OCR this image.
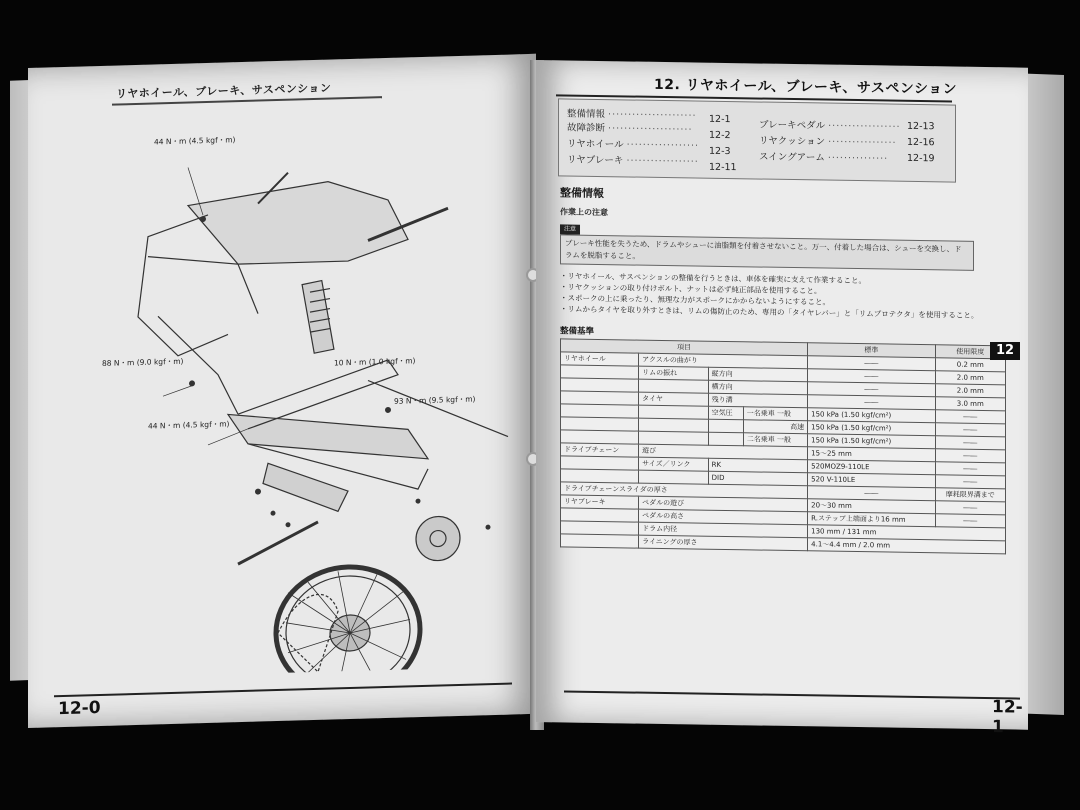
リヤホイール、ブレーキ、サスペンション
44 N・m (4.5 kgf・m)
88 N・m (9.0 kgf・m)	10 N・m (1.0 kgf・m)
93 N・m (9.5 kgf・m)
44 N・m (4.5 kgf・m)
12-0
12. リヤホイール、ブレーキ、サスペンション
整備情報 ······················ 12-1
故障診断 ····················· 12-2
リヤホイール ·················· 12-3
リヤブレーキ ·················· 12-11
ブレーキペダル ·················· 12-13
リヤクッション ················· 12-16
スイングアーム ··············· 12-19
整備情報
作業上の注意
注意
ブレーキ性能を失うため、ドラムやシューに油脂類を付着させないこと。万一、付着した場合は、シューを交換し、ドラムを脱脂すること。
・リヤホイール、サスペンションの整備を行うときは、車体を確実に支えて作業すること。
・リヤクッションの取り付けボルト、ナットは必ず純正部品を使用すること。
・スポークの上に乗ったり、無理な力がスポークにかからないようにすること。
・リムからタイヤを取り外すときは、リムの傷防止のため、専用の「タイヤレバー」と「リムプロテクタ」を使用すること。
整備基準
項目				標準	使用限度
リヤホイール	アクスルの曲がり			――	0.2 mm
	リムの振れ	縦方向		――	2.0 mm
		横方向		――	2.0 mm
	タイヤ	残り溝		――	3.0 mm
		空気圧	一名乗車 一般	150 kPa (1.50 kgf/cm²)	――
			高速	150 kPa (1.50 kgf/cm²)	――
			二名乗車 一般	150 kPa (1.50 kgf/cm²)	――
ドライブチェーン	遊び			15〜25 mm	――
	サイズ／リンク	RK		520MOZ9-110LE	――
		DID		520 V-110LE	――
ドライブチェーンスライダの厚さ				――	摩耗限界溝まで
リヤブレーキ	ペダルの遊び			20〜30 mm	――
	ペダルの高さ			R.ステップ上端面より16 mm	――
	ドラム内径			130 mm / 131 mm	
	ライニングの厚さ			4.1〜4.4 mm / 2.0 mm	
12-1
12
